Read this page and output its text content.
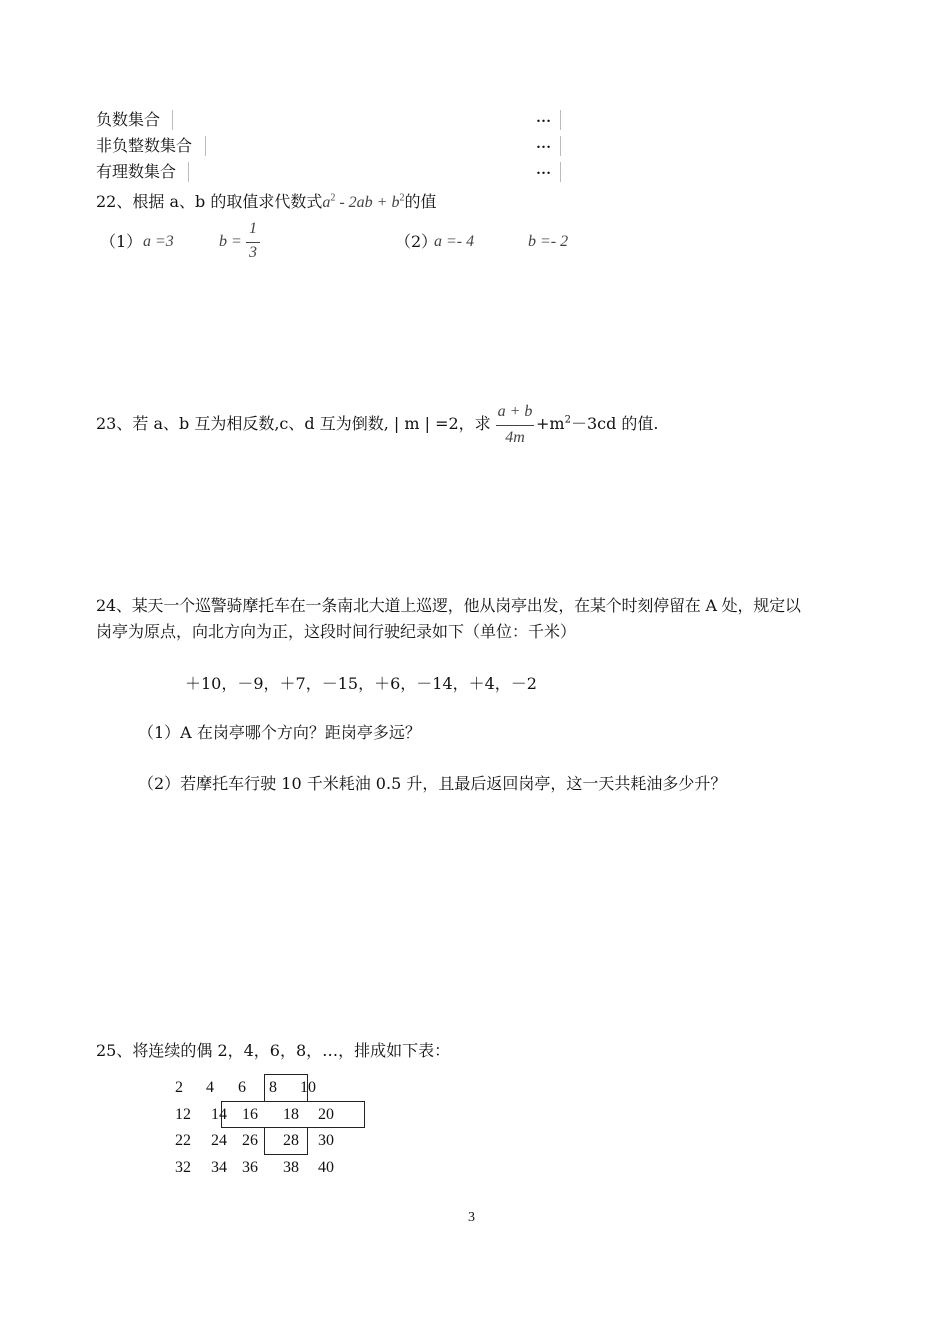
负数集合	…
非负整数集合	…
有理数集合	…
22、根据 a、b 的取值求代数式$a^2 - 2ab + b^2$的值
（1） a =3	b =
1
3
（2）
a =- 4	b =- 2
23、若 a、b 互为相反数,c、d 互为倒数, | m | =2，求
a + b
4m
$+m^2-3cd$ 的值.
24、某天一个巡警骑摩托车在一条南北大道上巡逻，他从岗亭出发，在某个时刻停留在 A 处，规定以
岗亭为原点，向北方向为正，这段时间行驶纪录如下（单位：千米）
＋10，－9，＋7，－15，＋6，－14，＋4，－2
（1）A 在岗亭哪个方向？距岗亭多远？
（2）若摩托车行驶 10 千米耗油 0.5 升，且最后返回岗亭，这一天共耗油多少升？
25、将连续的偶 2，4，6，8，…，排成如下表：
2 4 6 8 10
12 14 16 18 20
22 24 26 28 30
32 34 36 38 40
3
